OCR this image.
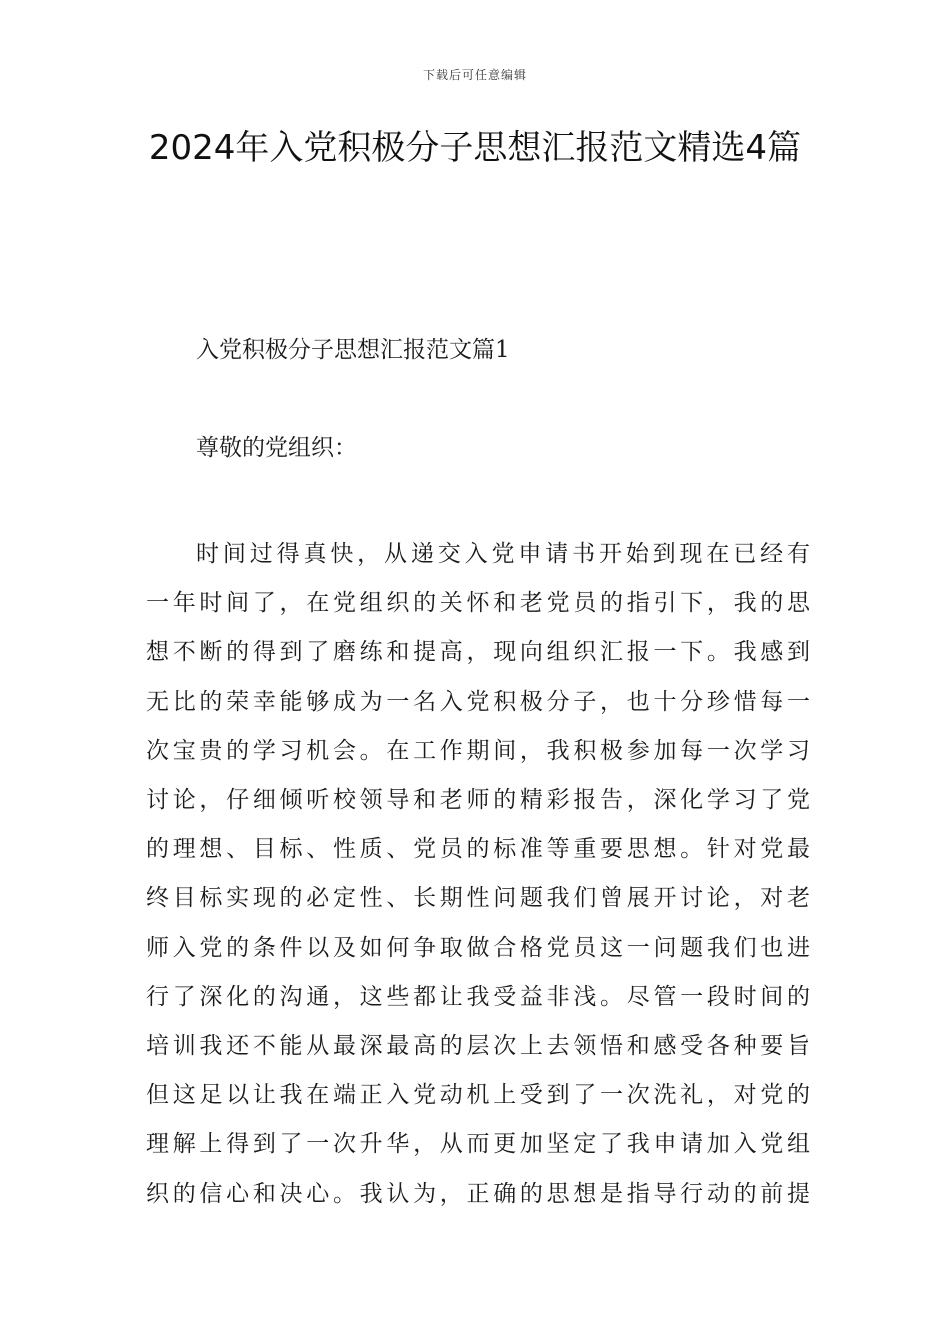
下载后可任意编辑
2024年入党积极分子思想汇报范文精选4篇
入党积极分子思想汇报范文篇1
尊敬的党组织：
时间过得真快，从递交入党申请书开始到现在已经有
一年时间了，在党组织的关怀和老党员的指引下，我的思
想不断的得到了磨练和提高，现向组织汇报一下。我感到
无比的荣幸能够成为一名入党积极分子，也十分珍惜每一
次宝贵的学习机会。在工作期间，我积极参加每一次学习
讨论，仔细倾听校领导和老师的精彩报告，深化学习了党
的理想、目标、性质、党员的标准等重要思想。针对党最
终目标实现的必定性、长期性问题我们曾展开讨论，对老
师入党的条件以及如何争取做合格党员这一问题我们也进
行了深化的沟通，这些都让我受益非浅。尽管一段时间的
培训我还不能从最深最高的层次上去领悟和感受各种要旨
但这足以让我在端正入党动机上受到了一次洗礼，对党的
理解上得到了一次升华，从而更加坚定了我申请加入党组
织的信心和决心。我认为，正确的思想是指导行动的前提
